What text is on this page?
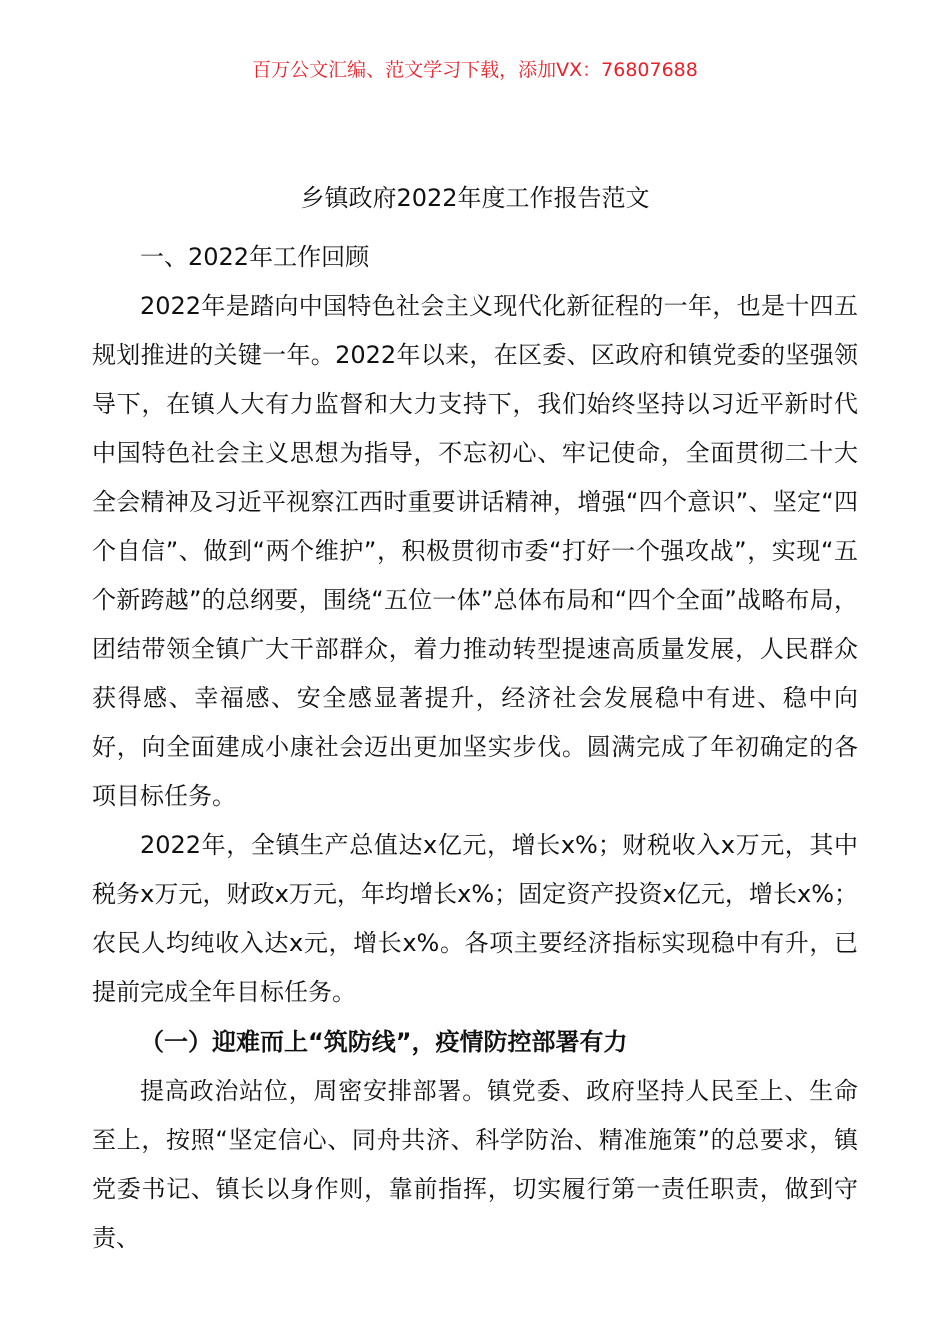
百万公文汇编、范文学习下载，添加VX：76807688
乡镇政府2022年度工作报告范文

一、2022年工作回顾

2022年是踏向中国特色社会主义现代化新征程的一年，也是十四五规划推进的关键一年。2022年以来，在区委、区政府和镇党委的坚强领导下，在镇人大有力监督和大力支持下，我们始终坚持以习近平新时代中国特色社会主义思想为指导，不忘初心、牢记使命，全面贯彻二十大全会精神及习近平视察江西时重要讲话精神，增强“四个意识”、坚定“四个自信”、做到“两个维护”，积极贯彻市委“打好一个强攻战”，实现“五个新跨越”的总纲要，围绕“五位一体”总体布局和“四个全面”战略布局，团结带领全镇广大干部群众，着力推动转型提速高质量发展，人民群众获得感、幸福感、安全感显著提升，经济社会发展稳中有进、稳中向好，向全面建成小康社会迈出更加坚实步伐。圆满完成了年初确定的各项目标任务。

2022年，全镇生产总值达x亿元，增长x%；财税收入x万元，其中税务x万元，财政x万元，年均增长x%；固定资产投资x亿元，增长x%；农民人均纯收入达x元，增长x%。各项主要经济指标实现稳中有升，已提前完成全年目标任务。

（一）迎难而上“筑防线”，疫情防控部署有力

提高政治站位，周密安排部署。镇党委、政府坚持人民至上、生命至上，按照“坚定信心、同舟共济、科学防治、精准施策”的总要求，镇党委书记、镇长以身作则，靠前指挥，切实履行第一责任职责，做到守责、
